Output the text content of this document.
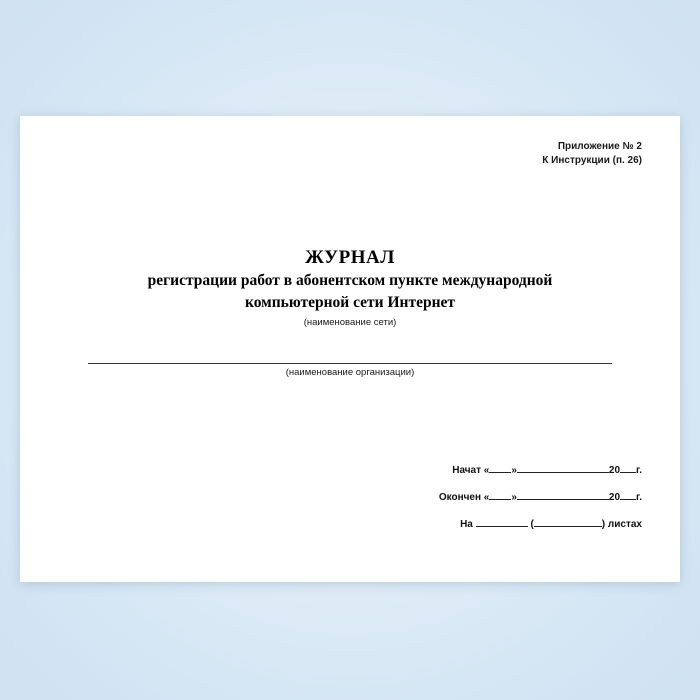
Приложение № 2
К Инструкции (п. 26)
ЖУРНАЛ
регистрации работ в абонентском пункте международной
компьютерной сети Интернет
(наименование сети)
(наименование организации)
Начат « »	20 г.
Окончен « »	20 г.
На	(	) листах
